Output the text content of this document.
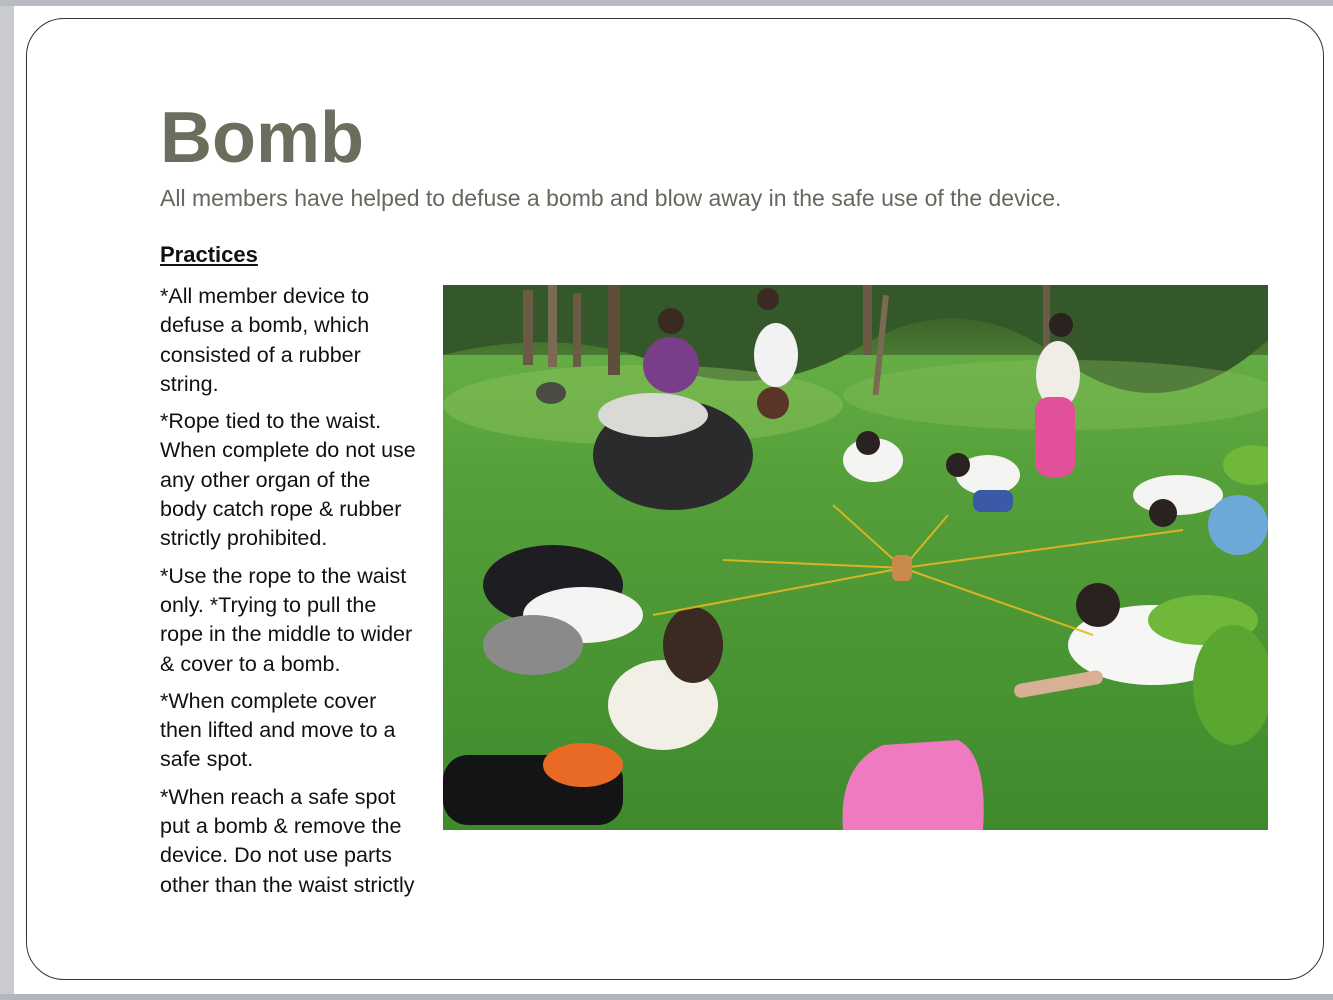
Bomb

All members have helped to defuse a bomb and blow away in the safe use of the device.

Practices
*All member device to defuse a bomb, which consisted of a rubber string.
*Rope tied to the waist. When complete do not use any other organ of the body catch rope & rubber strictly prohibited.
*Use the rope to the waist only. *Trying to pull the rope in the middle to wider & cover to a bomb.
*When complete cover then lifted and move to a safe spot.
*When reach a safe spot put a bomb & remove the device. Do not use parts other than the waist strictly
